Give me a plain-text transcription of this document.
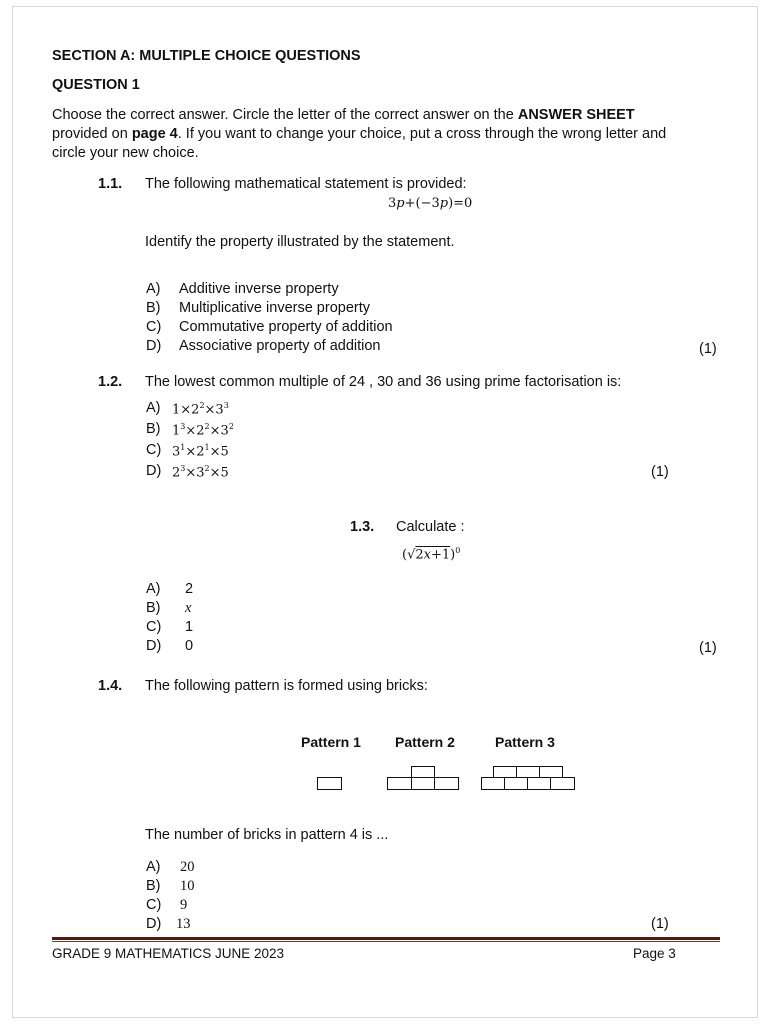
SECTION A: MULTIPLE CHOICE QUESTIONS
QUESTION 1
Choose the correct answer. Circle the letter of the correct answer on the ANSWER SHEET
provided on page 4. If you want to change your choice, put a cross through the wrong letter and
circle your new choice.
1.1. The following mathematical statement is provided:
3p+(−3p)=0
Identify the property illustrated by the statement.
A) Additive inverse property
B) Multiplicative inverse property
C) Commutative property of addition
D) Associative property of addition	(1)
1.2. The lowest common multiple of 24 , 30 and 36 using prime factorisation is:
A) $1\times 2^2\times 3^3$
B) $1^3\times 2^2\times 3^2$
C) $3^1\times 2^1\times 5$
D) $2^3\times 3^2\times 5$	(1)
1.3. Calculate :
$(√2x+1)^0$
A) 2
B) x
C) 1
D) 0	(1)
1.4. The following pattern is formed using bricks:
Pattern 1 Pattern 2	Pattern 3
The number of bricks in pattern 4 is ...
A) 20
B) 10
C) 9
D) 13	(1)
GRADE 9 MATHEMATICS JUNE 2023	Page 3
